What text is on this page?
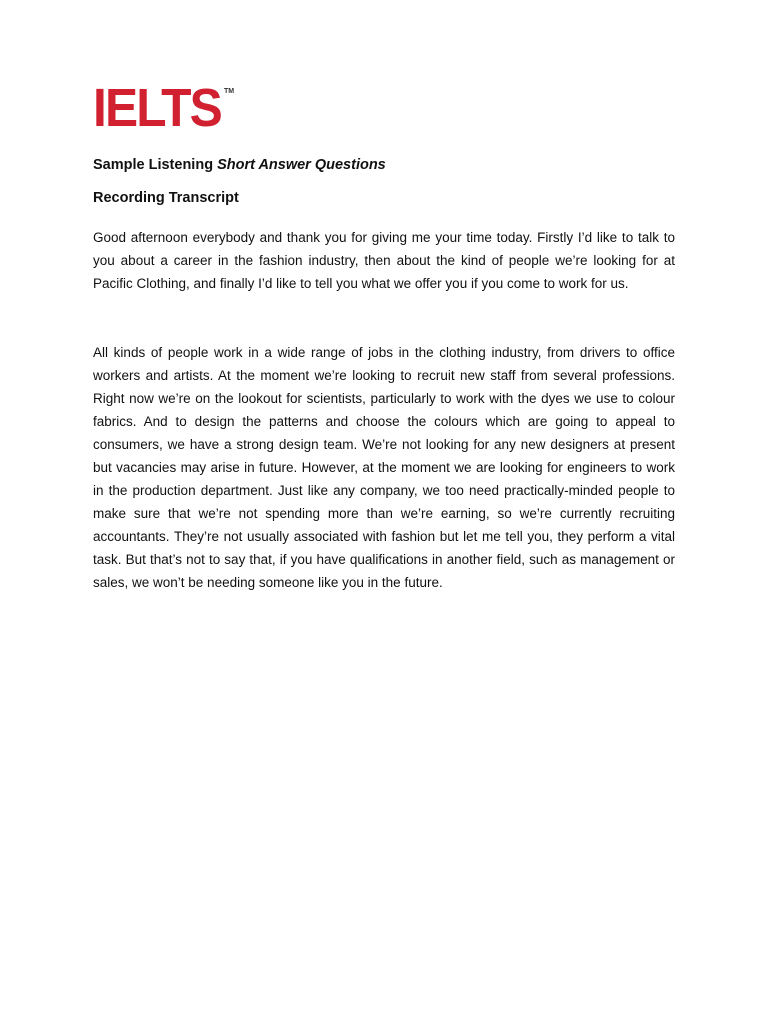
IELTS TM

Sample Listening Short Answer Questions

Recording Transcript

Good afternoon everybody and thank you for giving me your time today. Firstly I’d like to talk to you about a career in the fashion industry, then about the kind of people we’re looking for at Pacific Clothing, and finally I’d like to tell you what we offer you if you come to work for us.

All kinds of people work in a wide range of jobs in the clothing industry, from drivers to office workers and artists. At the moment we’re looking to recruit new staff from several professions. Right now we’re on the lookout for scientists, particularly to work with the dyes we use to colour fabrics. And to design the patterns and choose the colours which are going to appeal to consumers, we have a strong design team. We’re not looking for any new designers at present but vacancies may arise in future. However, at the moment we are looking for engineers to work in the production department. Just like any company, we too need practically-minded people to make sure that we’re not spending more than we’re earning, so we’re currently recruiting accountants. They’re not usually associated with fashion but let me tell you, they perform a vital task. But that’s not to say that, if you have qualifications in another field, such as management or sales, we won’t be needing someone like you in the future.
